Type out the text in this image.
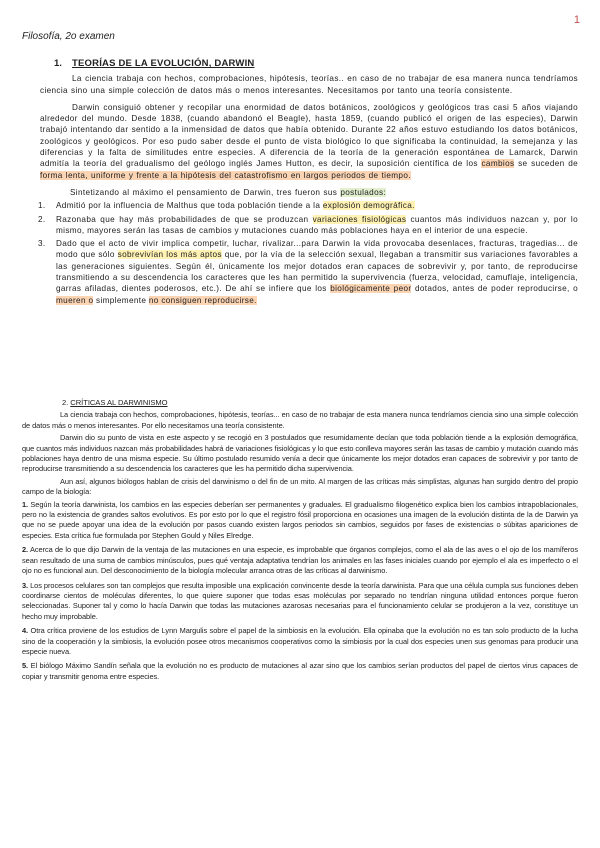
1
Filosofía, 2o examen
1.	TEORÍAS DE LA EVOLUCIÓN, DARWIN

La ciencia trabaja con hechos, comprobaciones, hipótesis, teorías.. en caso de no trabajar de esa manera nunca tendríamos ciencia sino una simple colección de datos más o menos interesantes. Necesitamos por tanto una teoría consistente.

Darwin consiguió obtener y recopilar una enormidad de datos botánicos, zoológicos y geológicos tras casi 5 años viajando alrededor del mundo. Desde 1838, (cuando abandonó el Beagle), hasta 1859, (cuando publicó el origen de las especies), Darwin trabajó intentando dar sentido a la inmensidad de datos que había obtenido. Durante 22 años estuvo estudiando los datos botánicos, zoológicos y geológicos. Por eso pudo saber desde el punto de vista biológico lo que significaba la continuidad, la semejanza y las diferencias y la falta de similitudes entre especies. A diferencia de la teoría de la generación espontánea de Lamarck, Darwin admitía la teoría del gradualismo del geólogo inglés James Hutton, es decir, la suposición científica de los cambios se suceden de forma lenta, uniforme y frente a la hipótesis del catastrofismo en largos periodos de tiempo.

Sintetizando al máximo el pensamiento de Darwin, tres fueron sus postulados:

1.	Admitió por la influencia de Malthus que toda población tiende a la explosión demográfica.
2.	Razonaba que hay más probabilidades de que se produzcan variaciones fisiológicas cuantos más individuos nazcan y, por lo mismo, mayores serán las tasas de cambios y mutaciones cuando más poblaciones haya en el interior de una especie.
3.	Dado que el acto de vivir implica competir, luchar, rivalizar...para Darwin la vida provocaba desenlaces, fracturas, tragedias... de modo que sólo sobrevivían los más aptos que, por la vía de la selección sexual, llegaban a transmitir sus variaciones favorables a las generaciones siguientes. Según él, únicamente los mejor dotados eran capaces de sobrevivir y, por tanto, de reproducirse transmitiendo a su descendencia los caracteres que les han permitido la supervivencia (fuerza, velocidad, camuflaje, inteligencia, garras afiladas, dientes poderosos, etc.). De ahí se infiere que los biológicamente peor dotados, antes de poder reproducirse, o mueren o simplemente no consiguen reproducirse.
2. CRÍTICAS AL DARWINISMO

La ciencia trabaja con hechos, comprobaciones, hipótesis, teorías... en caso de no trabajar de esta manera nunca tendríamos ciencia sino una simple colección de datos más o menos interesantes. Por ello necesitamos una teoría consistente.

Darwin dio su punto de vista en este aspecto y se recogió en 3 postulados que resumidamente decían que toda población tiende a la explosión demográfica, que cuantos más individuos nazcan más probabilidades habrá de variaciones fisiológicas y lo que esto conlleva mayores serán las tasas de cambio y mutación cuando más poblaciones haya dentro de una misma especie. Su último postulado resumido venía a decir que únicamente los mejor dotados eran capaces de sobrevivir y por tanto de reproducirse transmitiendo a su descendencia los caracteres que les ha permitido dicha supervivencia.

Aun así, algunos biólogos hablan de crisis del darwinismo o del fin de un mito. Al margen de las críticas más simplistas, algunas han surgido dentro del propio campo de la biología:

1. Según la teoría darwinista, los cambios en las especies deberían ser permanentes y graduales. El gradualismo filogenético explica bien los cambios intrapoblacionales, pero no la existencia de grandes saltos evolutivos. Es por esto por lo que el registro fósil proporciona en ocasiones una imagen de la evolución distinta de la de Darwin ya que no se puede apoyar una idea de la evolución por pasos cuando existen largos periodos sin cambios, seguidos por fases de existencias o súbitas apariciones de especies. Esta crítica fue formulada por Stephen Gould y Niles Elredge.

2. Acerca de lo que dijo Darwin de la ventaja de las mutaciones en una especie, es improbable que órganos complejos, como el ala de las aves o el ojo de los mamíferos sean resultado de una suma de cambios minúsculos, pues qué ventaja adaptativa tendrían los animales en las fases iniciales cuando por ejemplo el ala es imperfecto o el ojo no es funcional aun. Del desconocimiento de la biología molecular arranca otras de las críticas al darwinismo.

3. Los procesos celulares son tan complejos que resulta imposible una explicación convincente desde la teoría darwinista. Para que una célula cumpla sus funciones deben coordinarse cientos de moléculas diferentes, lo que quiere suponer que todas esas moléculas por separado no tendrían ninguna utilidad entonces porque fueron seleccionadas. Suponer tal y como lo hacía Darwin que todas las mutaciones azarosas necesarias para el funcionamiento celular se produjeron a la vez, constituye un hecho muy improbable.

4. Otra crítica proviene de los estudios de Lynn Margulis sobre el papel de la simbiosis en la evolución. Ella opinaba que la evolución no es tan solo producto de la lucha sino de la cooperación y la simbiosis, la evolución posee otros mecanismos cooperativos como la simbiosis por la cual dos especies unen sus genomas para producir una especie nueva.

5. El biólogo Máximo Sandín señala que la evolución no es producto de mutaciones al azar sino que los cambios serían productos del papel de ciertos virus capaces de copiar y transmitir genoma entre especies.
